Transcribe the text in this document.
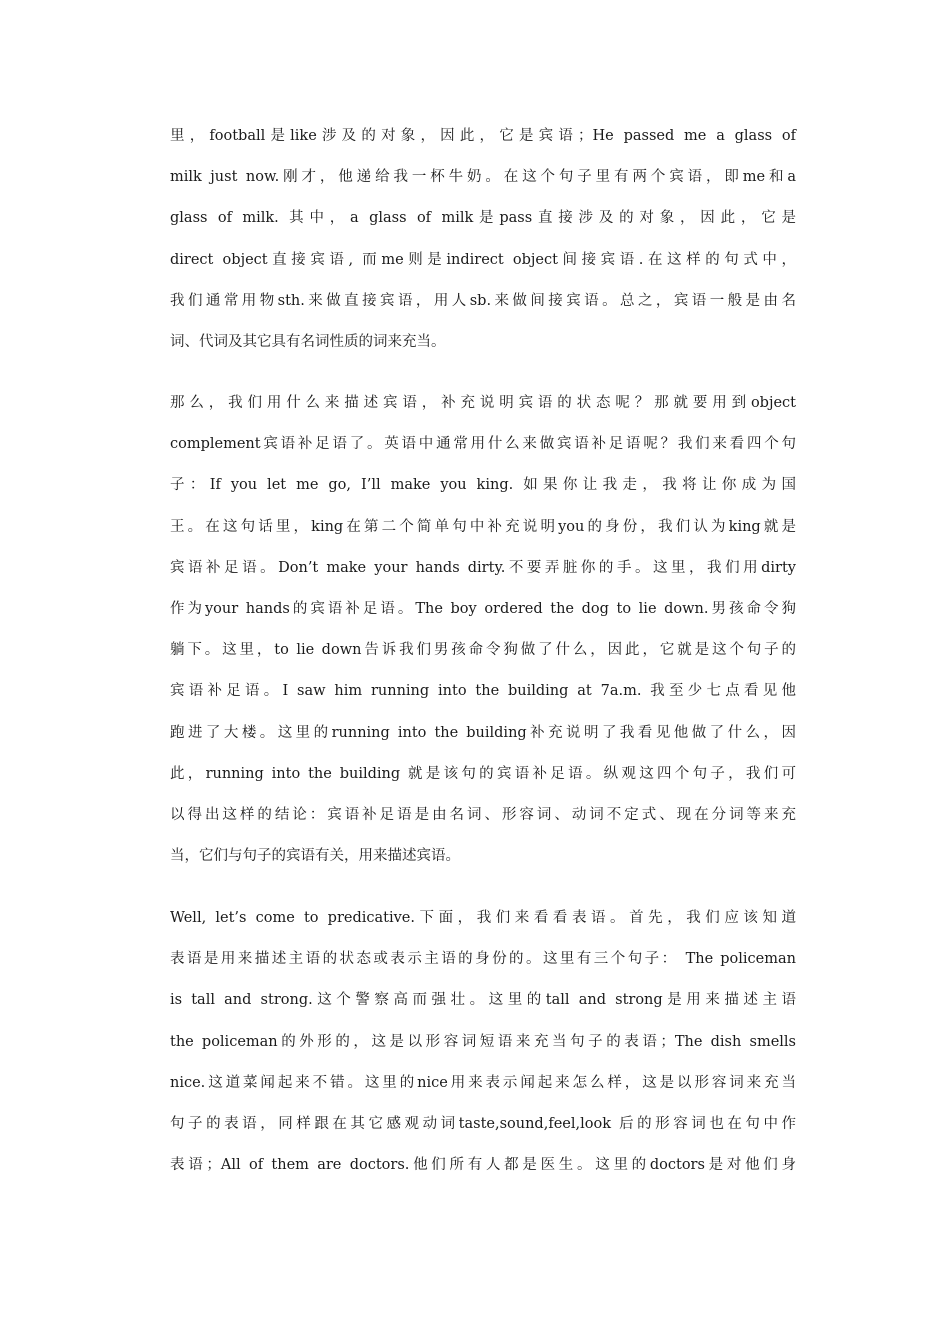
里，football是like涉及的对象，因此，它是宾语；He passed me a glass of
milk just now.刚才，他递给我一杯牛奶。在这个句子里有两个宾语，即me和a
glass of milk. 其中，a glass of milk是pass直接涉及的对象，因此，它是
direct object直接宾语, 而me则是indirect object间接宾语.在这样的句式中，
我们通常用物sth.来做直接宾语，用人sb.来做间接宾语。总之，宾语一般是由名
词、代词及其它具有名词性质的词来充当。

那么，我们用什么来描述宾语，补充说明宾语的状态呢？那就要用到object
complement宾语补足语了。英语中通常用什么来做宾语补足语呢？我们来看四个句
子：If you let me go, I’ll make you king. 如果你让我走，我将让你成为国
王。在这句话里，king在第二个简单句中补充说明you的身份，我们认为king就是
宾语补足语。Don’t make your hands dirty.不要弄脏你的手。这里，我们用dirty
作为your hands的宾语补足语。The boy ordered the dog to lie down.男孩命令狗
躺下。这里，to lie down告诉我们男孩命令狗做了什么，因此，它就是这个句子的
宾语补足语。I saw him running into the building at 7a.m. 我至少七点看见他
跑进了大楼。这里的running into the building补充说明了我看见他做了什么，因
此，running into the building 就是该句的宾语补足语。纵观这四个句子，我们可
以得出这样的结论：宾语补足语是由名词、形容词、动词不定式、现在分词等来充
当，它们与句子的宾语有关，用来描述宾语。

Well, let’s come to predicative.下面，我们来看看表语。首先，我们应该知道
表语是用来描述主语的状态或表示主语的身份的。这里有三个句子： The policeman
is tall and strong.这个警察高而强壮。这里的tall and strong是用来描述主语
the policeman的外形的，这是以形容词短语来充当句子的表语；The dish smells
nice.这道菜闻起来不错。这里的nice用来表示闻起来怎么样，这是以形容词来充当
句子的表语，同样跟在其它感观动词taste,sound,feel,look 后的形容词也在句中作
表语；All of them are doctors.他们所有人都是医生。这里的doctors是对他们身
